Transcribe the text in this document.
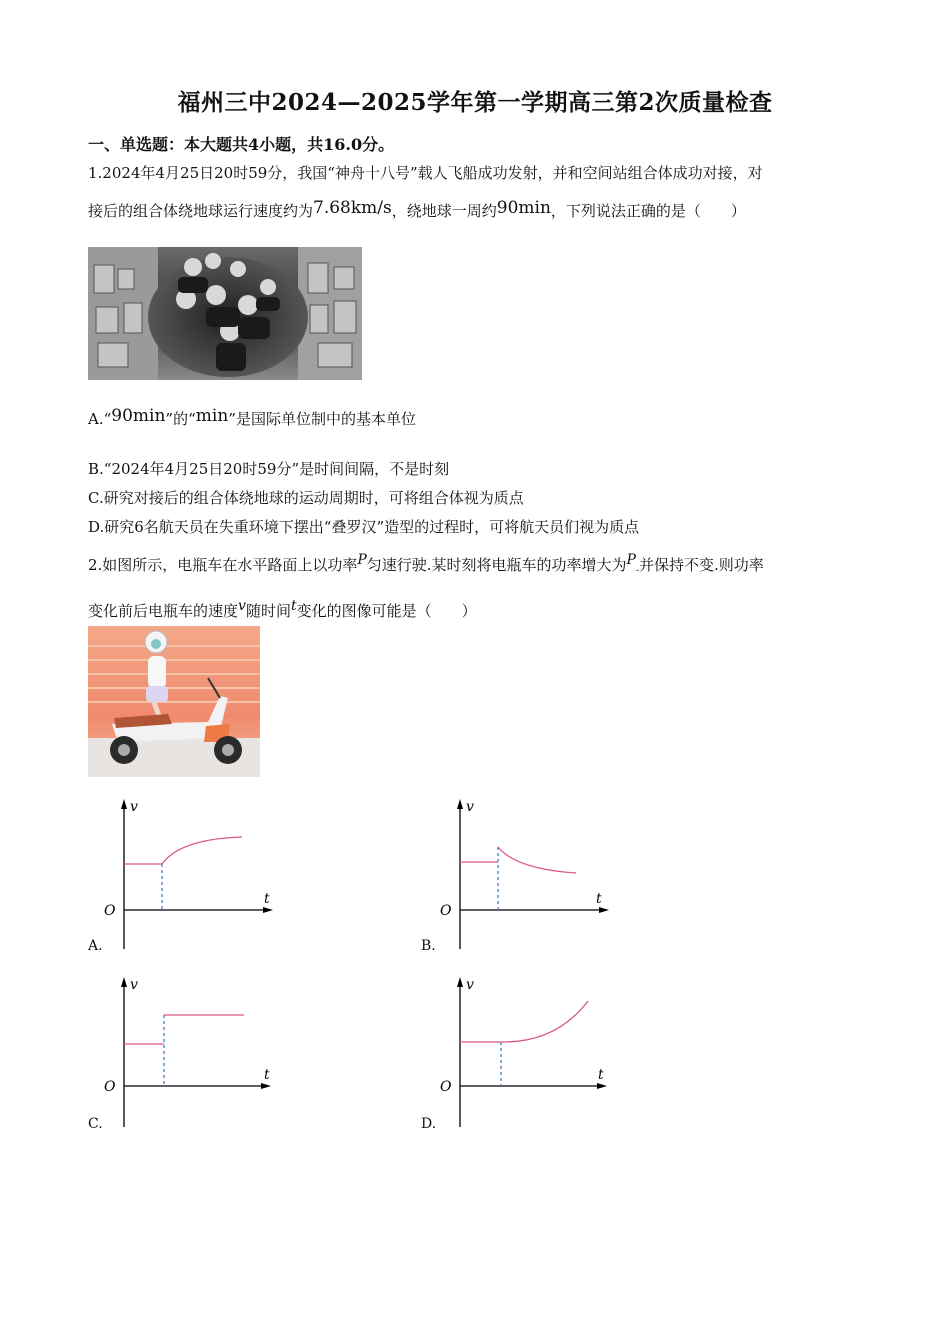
福州三中2024—2025学年第一学期高三第2次质量检查
一、单选题：本大题共4小题，共16.0分。
1.2024年4月25日20时59分，我国“神舟十八号”载人飞船成功发射，并和空间站组合体成功对接，对
接后的组合体绕地球运行速度约为7.68km/s，绕地球一周约90min，下列说法正确的是（　　）
A.“90min”的“min”是国际单位制中的基本单位
B.“2024年4月25日20时59分”是时间间隔，不是时刻
C.研究对接后的组合体绕地球的运动周期时，可将组合体视为质点
D.研究6名航天员在失重环境下摆出“叠罗汉”造型的过程时，可将航天员们视为质点
2.如图所示，电瓶车在水平路面上以功率P匀速行驶.某时刻将电瓶车的功率增大为$P_-$并保持不变.则功率
变化前后电瓶车的速度v随时间t变化的图像可能是（　　）
v
t
O
A.
v
t
O
B.
v
t
O
C.
v
t
O
D.
